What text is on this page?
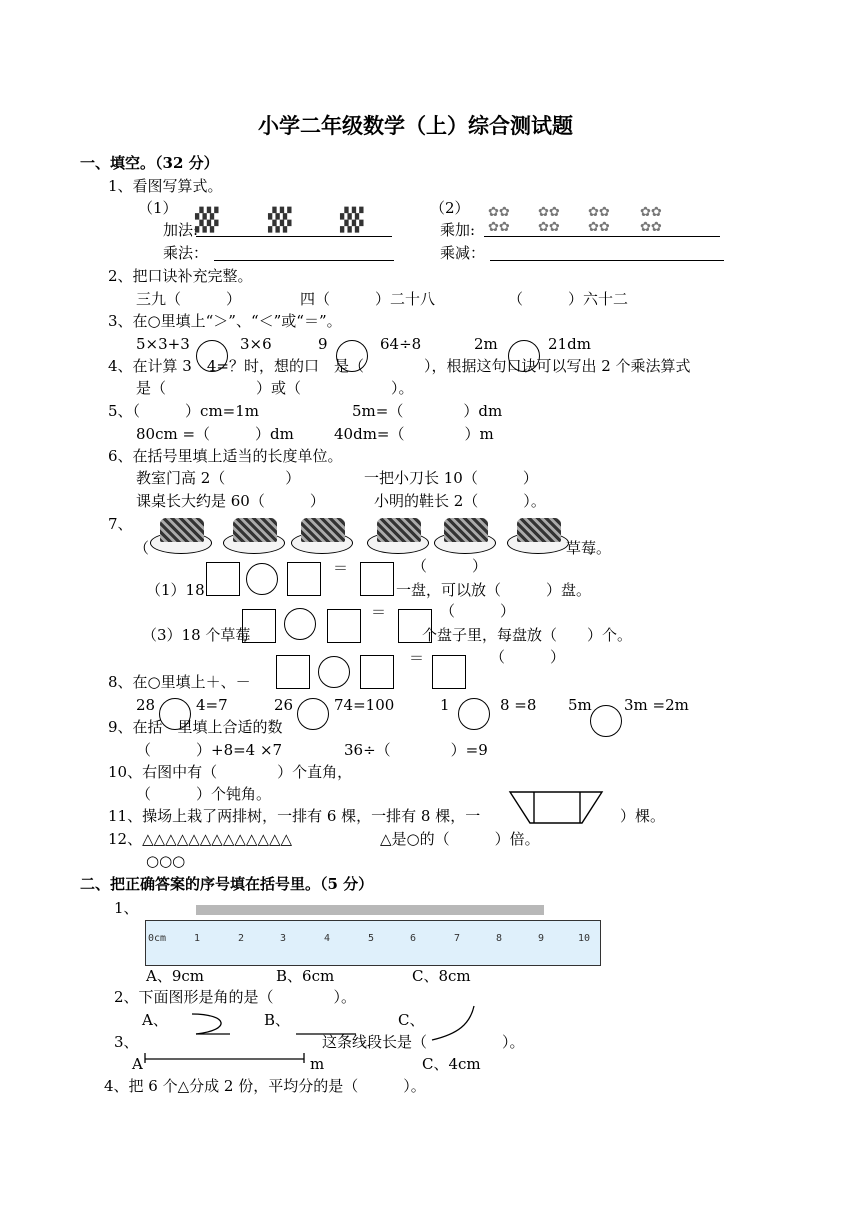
小学二年级数学（上）综合测试题
一、填空。（32 分）
1、看图写算式。
（1）	（2）
加法:
▞▞▞
▞▞▞
▞▞▞
▞▞▞
▞▞▞
▞▞▞	乘加:
✿✿
✿✿
✿✿
✿✿
✿✿
✿✿
✿✿
✿✿
乘法：	乘减：
2、把口诀补充完整。
三九（　　　）	四（　　　）二十八	（　　　）六十二
3、在○里填上“＞”、“＜”或“＝”。
5×3+3	3×6	9	64÷8	2m	21dm
4、在计算 3　4=？时，想的口　是（　　　　），根据这句口诀可以写出 2 个乘法算式
是（　　　　　　）或（　　　　　　）。
5、（　　　）cm=1m	5m=（　　　　）dm
80cm =（　　　）dm	40dm=（　　　　）m
6、在括号里填上适当的长度单位。
教室门高 2（　　　　）	一把小刀长 10（　　　）
课桌长大约是 60（　　　）	小明的鞋长 2（　　　）。
7、
（	草莓。
＝	（　　　）
（1）18	一盘，可以放（　　　）盘。
＝	（　　　）
（3）18 个草莓	个盘子里，每盘放（　　）个。
＝	（　　　）
8、在○里填上＋、－
28	4=7	26	74=100	1	8 =8 5m 3m =2m
9、在括　里填上合适的数
（　　　）+8=4 ×7	36÷（　　　　）=9
10、右图中有（　　　　）个直角，
（　　　）个钝角。
11、操场上栽了两排树，一排有 6 棵，一排有 8 棵，一	）棵。
12、△△△△△△△△△△△△△	△是○的（　　　）倍。
○○○
二、把正确答案的序号填在括号里。（5 分）
1、
A、9cm	B、6cm	C、8cm
0cm	1	2	3	4	5	6	7	8	9	10
2、下面图形是角的是（　　　　）。
A、	B、	C、
3、	这条线段长是（　　　　　）。
A	m	C、4cm
4、把 6 个△分成 2 份，平均分的是（　　　）。
